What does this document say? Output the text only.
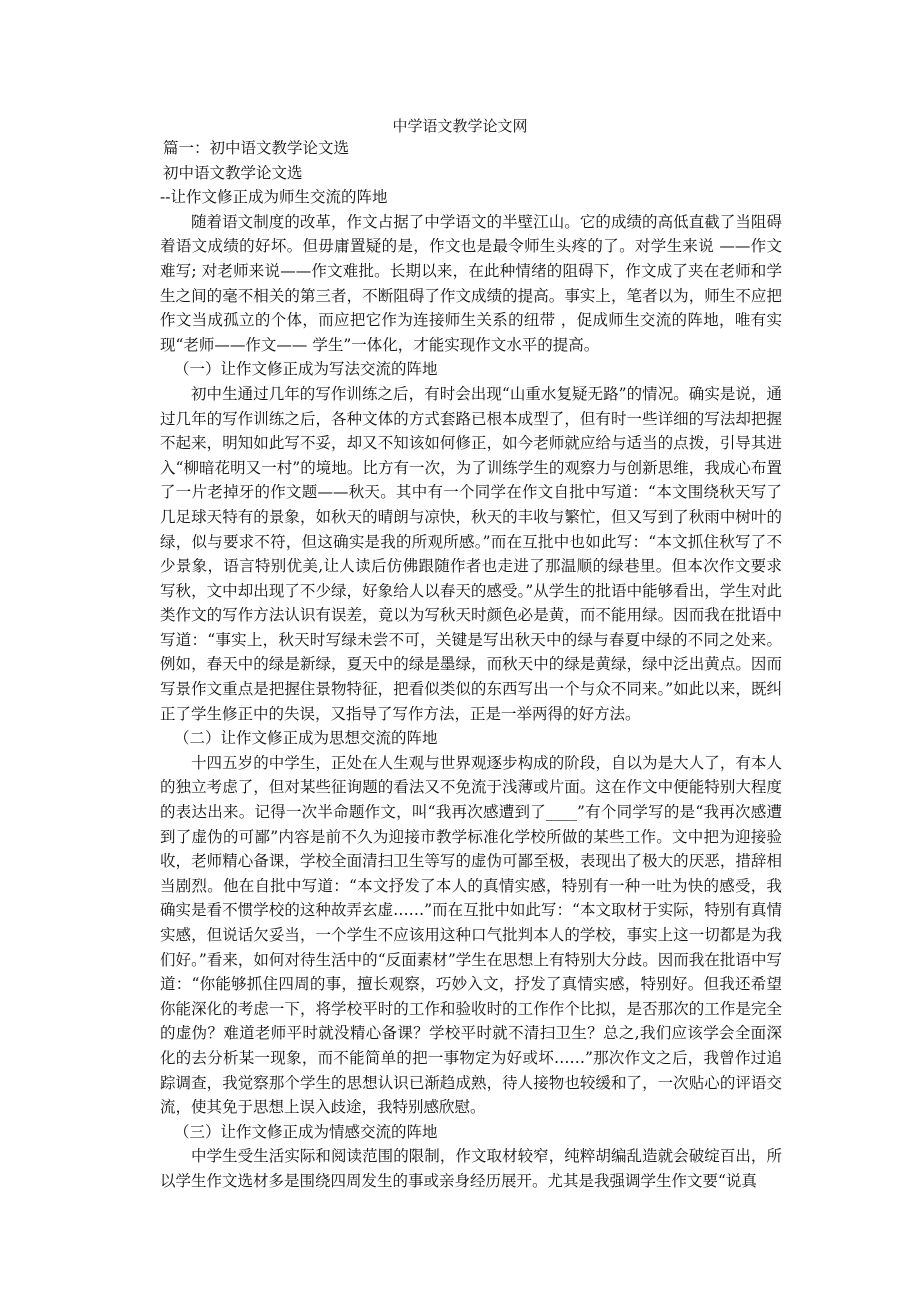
中学语文教学论文网

篇一：初中语文教学论文选

初中语文教学论文选

--让作文修正成为师生交流的阵地

随着语文制度的改革，作文占据了中学语文的半壁江山。它的成绩的高低直截了当阻碍着语文成绩的好坏。但毋庸置疑的是，作文也是最令师生头疼的了。对学生来说 ——作文难写; 对老师来说——作文难批。长期以来，在此种情绪的阻碍下，作文成了夹在老师和学生之间的毫不相关的第三者，不断阻碍了作文成绩的提高。事实上，笔者以为，师生不应把作文当成孤立的个体，而应把它作为连接师生关系的纽带 ，促成师生交流的阵地，唯有实现“老师——作文—— 学生”一体化，才能实现作文水平的提高。

（一）让作文修正成为写法交流的阵地

初中生通过几年的写作训练之后，有时会出现“山重水复疑无路”的情况。确实是说，通过几年的写作训练之后，各种文体的方式套路已根本成型了，但有时一些详细的写法却把握不起来，明知如此写不妥，却又不知该如何修正，如今老师就应给与适当的点拨，引导其进入“柳暗花明又一村”的境地。比方有一次，为了训练学生的观察力与创新思维，我成心布置了一片老掉牙的作文题——秋天。其中有一个同学在作文自批中写道：“本文围绕秋天写了几足球天特有的景象，如秋天的晴朗与凉快，秋天的丰收与繁忙，但又写到了秋雨中树叶的绿，似与要求不符，但这确实是我的所观所感。”而在互批中也如此写：“本文抓住秋写了不少景象，语言特别优美,让人读后仿佛跟随作者也走进了那温顺的绿巷里。但本次作文要求写秋，文中却出现了不少绿，好象给人以春天的感受。”从学生的批语中能够看出，学生对此类作文的写作方法认识有误差，竟以为写秋天时颜色必是黄，而不能用绿。因而我在批语中写道：“事实上，秋天时写绿未尝不可，关键是写出秋天中的绿与春夏中绿的不同之处来。例如，春天中的绿是新绿，夏天中的绿是墨绿，而秋天中的绿是黄绿，绿中泛出黄点。因而写景作文重点是把握住景物特征，把看似类似的东西写出一个与众不同来。”如此以来，既纠正了学生修正中的失误，又指导了写作方法，正是一举两得的好方法。

（二）让作文修正成为思想交流的阵地

十四五岁的中学生，正处在人生观与世界观逐步构成的阶段，自以为是大人了，有本人的独立考虑了，但对某些征询题的看法又不免流于浅薄或片面。这在作文中便能特别大程度的表达出来。记得一次半命题作文，叫“我再次感遭到了____”有个同学写的是“我再次感遭到了虚伪的可鄙”内容是前不久为迎接市教学标准化学校所做的某些工作。文中把为迎接验收，老师精心备课，学校全面清扫卫生等写的虚伪可鄙至极，表现出了极大的厌恶，措辞相当剧烈。他在自批中写道：“本文抒发了本人的真情实感，特别有一种一吐为快的感受，我确实是看不惯学校的这种故弄玄虚……”而在互批中如此写：“本文取材于实际，特别有真情实感，但说话欠妥当，一个学生不应该用这种口气批判本人的学校，事实上这一切都是为我们好。”看来，如何对待生活中的“反面素材”学生在思想上有特别大分歧。因而我在批语中写道：“你能够抓住四周的事，擅长观察，巧妙入文，抒发了真情实感，特别好。但我还希望你能深化的考虑一下，将学校平时的工作和验收时的工作作个比拟，是否那次的工作是完全的虚伪？难道老师平时就没精心备课？学校平时就不清扫卫生？总之,我们应该学会全面深化的去分析某一现象，而不能简单的把一事物定为好或坏……”那次作文之后，我曾作过追踪调查，我觉察那个学生的思想认识已渐趋成熟，待人接物也较缓和了，一次贴心的评语交流，使其免于思想上误入歧途，我特别感欣慰。

（三）让作文修正成为情感交流的阵地

中学生受生活实际和阅读范围的限制，作文取材较窄，纯粹胡编乱造就会破绽百出，所以学生作文选材多是围绕四周发生的事或亲身经历展开。尤其是我强调学生作文要“说真
